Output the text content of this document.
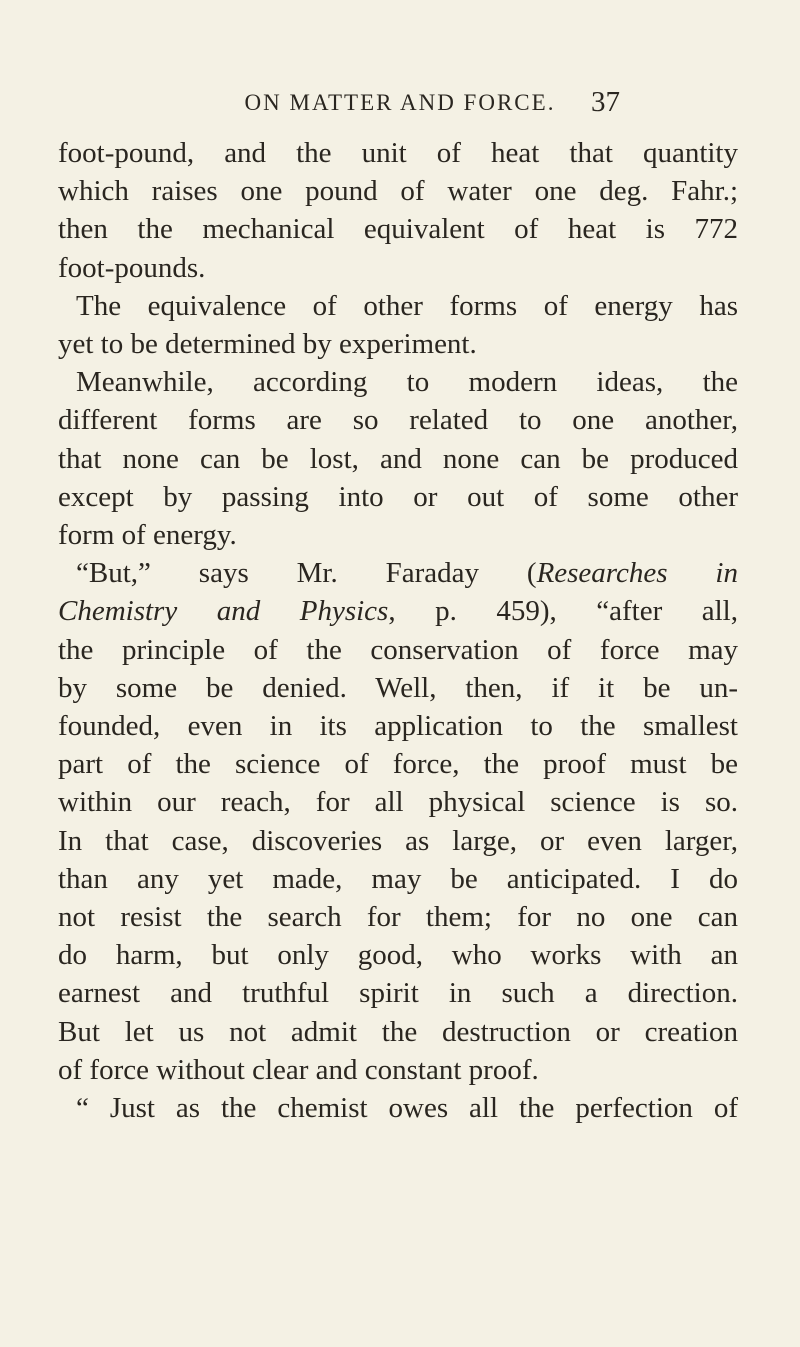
ON MATTER AND FORCE.	37
foot-pound, and the unit of heat that quantity
which raises one pound of water one deg. Fahr.;
then the mechanical equivalent of heat is 772
foot-pounds.
The equivalence of other forms of energy has
yet to be determined by experiment.
Meanwhile, according to modern ideas, the
different forms are so related to one another,
that none can be lost, and none can be produced
except by passing into or out of some other
form of energy.
“But,” says Mr. Faraday (Researches in
Chemistry and Physics, p. 459), “after all,
the principle of the conservation of force may
by some be denied. Well, then, if it be un-
founded, even in its application to the smallest
part of the science of force, the proof must be
within our reach, for all physical science is so.
In that case, discoveries as large, or even larger,
than any yet made, may be anticipated. I do
not resist the search for them; for no one can
do harm, but only good, who works with an
earnest and truthful spirit in such a direction.
But let us not admit the destruction or creation
of force without clear and constant proof.
“ Just as the chemist owes all the perfection of
